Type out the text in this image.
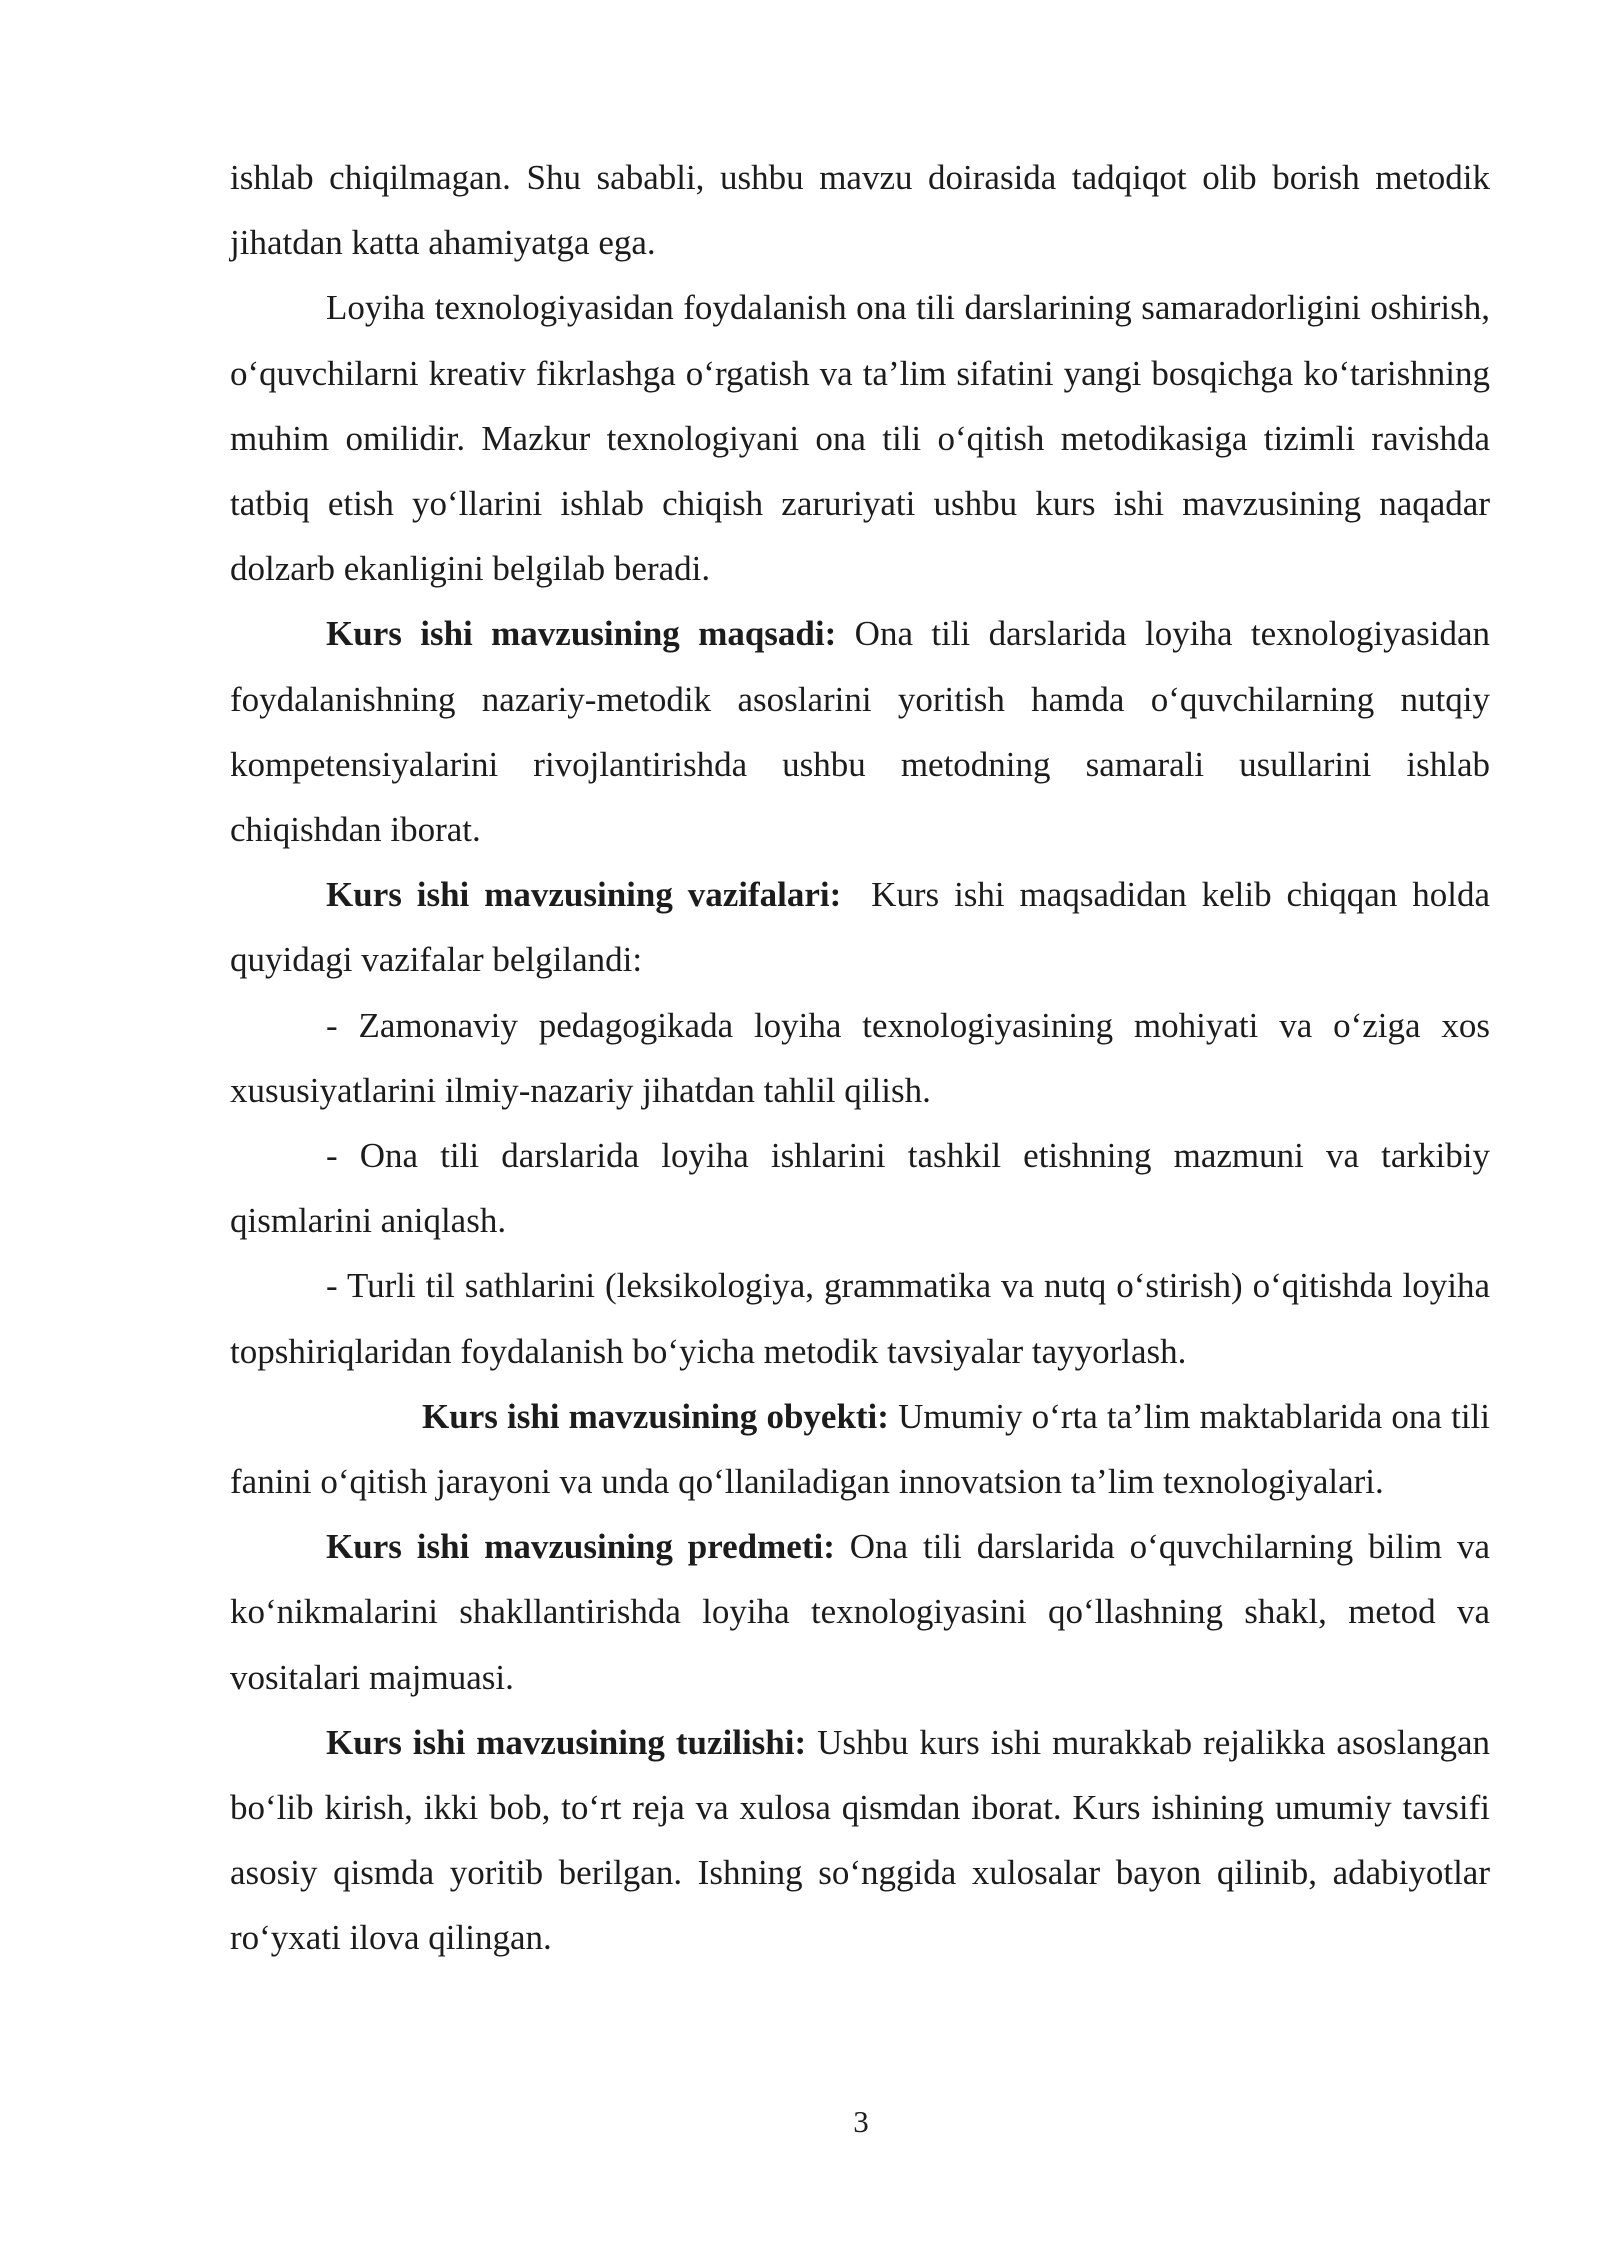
ishlab chiqilmagan. Shu sababli, ushbu mavzu doirasida tadqiqot olib borish metodik jihatdan katta ahamiyatga ega.

Loyiha texnologiyasidan foydalanish ona tili darslarining samaradorligini oshirish, o‘quvchilarni kreativ fikrlashga o‘rgatish va ta’lim sifatini yangi bosqichga ko‘tarishning muhim omilidir. Mazkur texnologiyani ona tili o‘qitish metodikasiga tizimli ravishda tatbiq etish yo‘llarini ishlab chiqish zaruriyati ushbu kurs ishi mavzusining naqadar dolzarb ekanligini belgilab beradi.

Kurs ishi mavzusining maqsadi: Ona tili darslarida loyiha texnologiyasidan foydalanishning nazariy-metodik asoslarini yoritish hamda o‘quvchilarning nutqiy kompetensiyalarini rivojlantirishda ushbu metodning samarali usullarini ishlab chiqishdan iborat.

Kurs ishi mavzusining vazifalari:  Kurs ishi maqsadidan kelib chiqqan holda quyidagi vazifalar belgilandi:

- Zamonaviy pedagogikada loyiha texnologiyasining mohiyati va o‘ziga xos xususiyatlarini ilmiy-nazariy jihatdan tahlil qilish.

- Ona tili darslarida loyiha ishlarini tashkil etishning mazmuni va tarkibiy qismlarini aniqlash.

- Turli til sathlarini (leksikologiya, grammatika va nutq o‘stirish) o‘qitishda loyiha topshiriqlaridan foydalanish bo‘yicha metodik tavsiyalar tayyorlash.

Kurs ishi mavzusining obyekti: Umumiy o‘rta ta’lim maktablarida ona tili fanini o‘qitish jarayoni va unda qo‘llaniladigan innovatsion ta’lim texnologiyalari.

Kurs ishi mavzusining predmeti: Ona tili darslarida o‘quvchilarning bilim va ko‘nikmalarini shakllantirishda loyiha texnologiyasini qo‘llashning shakl, metod va vositalari majmuasi.

Kurs ishi mavzusining tuzilishi: Ushbu kurs ishi murakkab rejalikka asoslangan bo‘lib kirish, ikki bob, to‘rt reja va xulosa qismdan iborat. Kurs ishining umumiy tavsifi asosiy qismda yoritib berilgan. Ishning so‘nggida xulosalar bayon qilinib, adabiyotlar ro‘yxati ilova qilingan.

3
